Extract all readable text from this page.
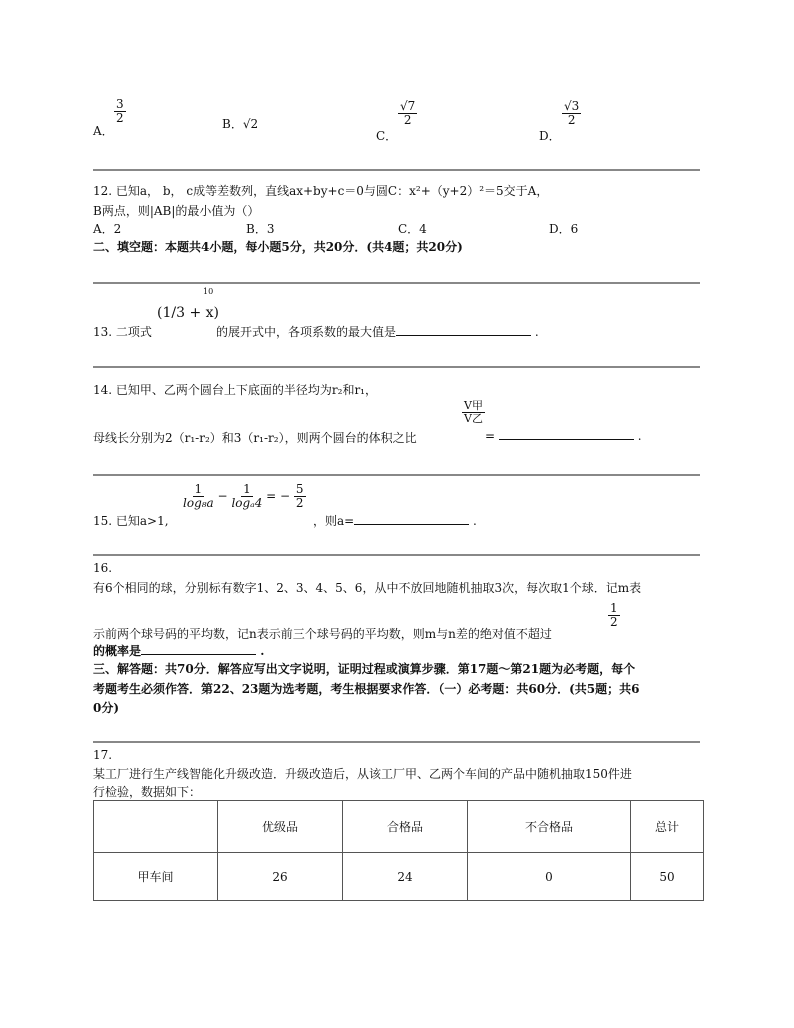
A．
$\frac{3}{2}$	B．√2
C．
$\frac{√7}{2}$
D．
$\frac{√3}{2}$
12. 已知a， b， c成等差数列，直线ax+by+c＝0与圆C：x²+（y+2）²＝5交于A，
B两点，则|AB|的最小值为（）
A．2	B．3	C．4	D．6
二、填空题：本题共4小题，每小题5分，共20分．(共4题；共20分)
13. 二项式
(1/3 + x)
10
的展开式中，各项系数的最大值是	.
14. 已知甲、乙两个圆台上下底面的半径均为r₂和r₁，
母线长分别为2（r₁-r₂）和3（r₁-r₂），则两个圆台的体积之比
V甲
V乙
=	.
15. 已知a>1,
$\frac{1}{\text{log₈a}} - \frac{1}{\text{logₐ4}}$ = − $\frac{5}{2}$
，则a=	.
16.
有6个相同的球，分别标有数字1、2、3、4、5、6，从中不放回地随机抽取3次，每次取1个球．记m表
示前两个球号码的平均数，记n表示前三个球号码的平均数，则m与n差的绝对值不超过
$\frac{1}{2}$
的概率是	.
三、解答题：共70分．解答应写出文字说明，证明过程或演算步骤．第17题～第21题为必考题，每个
考题考生必须作答．第22、23题为选考题，考生根据要求作答．（一）必考题：共60分．(共5题；共6
0分)
17.
某工厂进行生产线智能化升级改造．升级改造后，从该工厂甲、乙两个车间的产品中随机抽取150件进
行检验，数据如下：
	优级品	合格品	不合格品	总计
甲车间	26	24	0	50
